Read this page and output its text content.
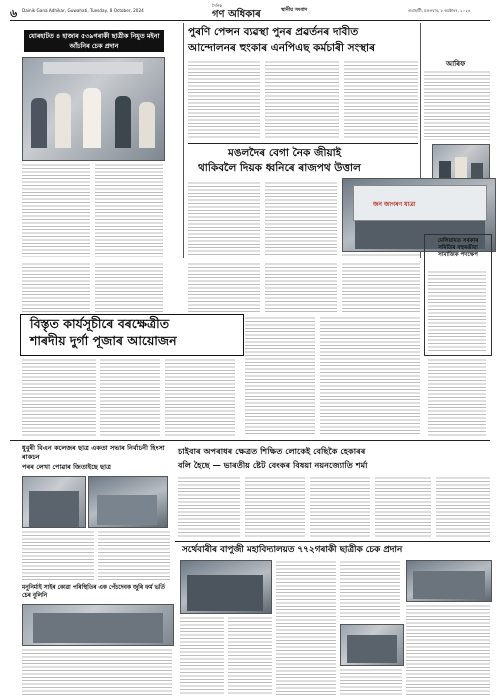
৬ Dainik Gana Adhikar, Guwahati, Tuesday, 8 October, 2024
দৈনিক
গণ অধিকাৰ	স্থানীয় সংবাদ	গুৱাহাটী, মঙলবাৰ, ৮ অক্টোবৰ, ২০২৪
যোৰহাটত ৪ হাজাৰ ৫৩৯গৰাকী ছাত্ৰীক নিযুত মইনা আঁচনিৰ চেক প্ৰদান
পুৰণি পেন্সন ব্যৱস্থা পুনৰ প্ৰৱৰ্তনৰ দাবীত
আন্দোলনৰ হুংকাৰ এনপিএছ কৰ্মচাৰী সংস্থাৰ
আৰিফ
মঙলদৈৰ বেগা নৈক জীয়াই
থাকিবলৈ দিয়ক ধ্বনিৰে ৰাজপথ উত্তাল
জন জাগৰণ যাত্ৰা
মেলিয়ামত সৰকাৰ সমিতিৰ বহুৰঙীয়া সামাজিক পদক্ষেপ
বিস্তৃত কাৰ্যসূচীৰে বৰক্ষেত্ৰীত
শাৰদীয় দুৰ্গা পূজাৰ আয়োজন
ধুবুৰী বিএন কলেজৰ ছাত্ৰ একতা সভাৰ নিৰ্বাচনী হিংসা ৰাকচন
পৰৰ লেখা পোৱাৰ জিতাইছে ছাত্ৰ
চাইবাৰ অপৰাধৰ ক্ষেত্ৰত শিক্ষিত লোকেই বেছিকৈ হেকাৰৰ
বলি হৈছে — ভাৰতীয় ষ্টেট বেংকৰ বিষয়া নয়নজ্যোতি শৰ্মা
মনুনিৰ্মাই সাইৰ কোৱা পৰিস্থিতিৰ এক পেঁচদেবক জুৰি ফৰ্ম ভৰ্তি চেৰ বুলিনি
সৰ্থেবাৰীৰ বাপুজী মহাবিদ্যালয়ত ৭৭২গৰাকী ছাত্ৰীক চেক প্ৰদান
